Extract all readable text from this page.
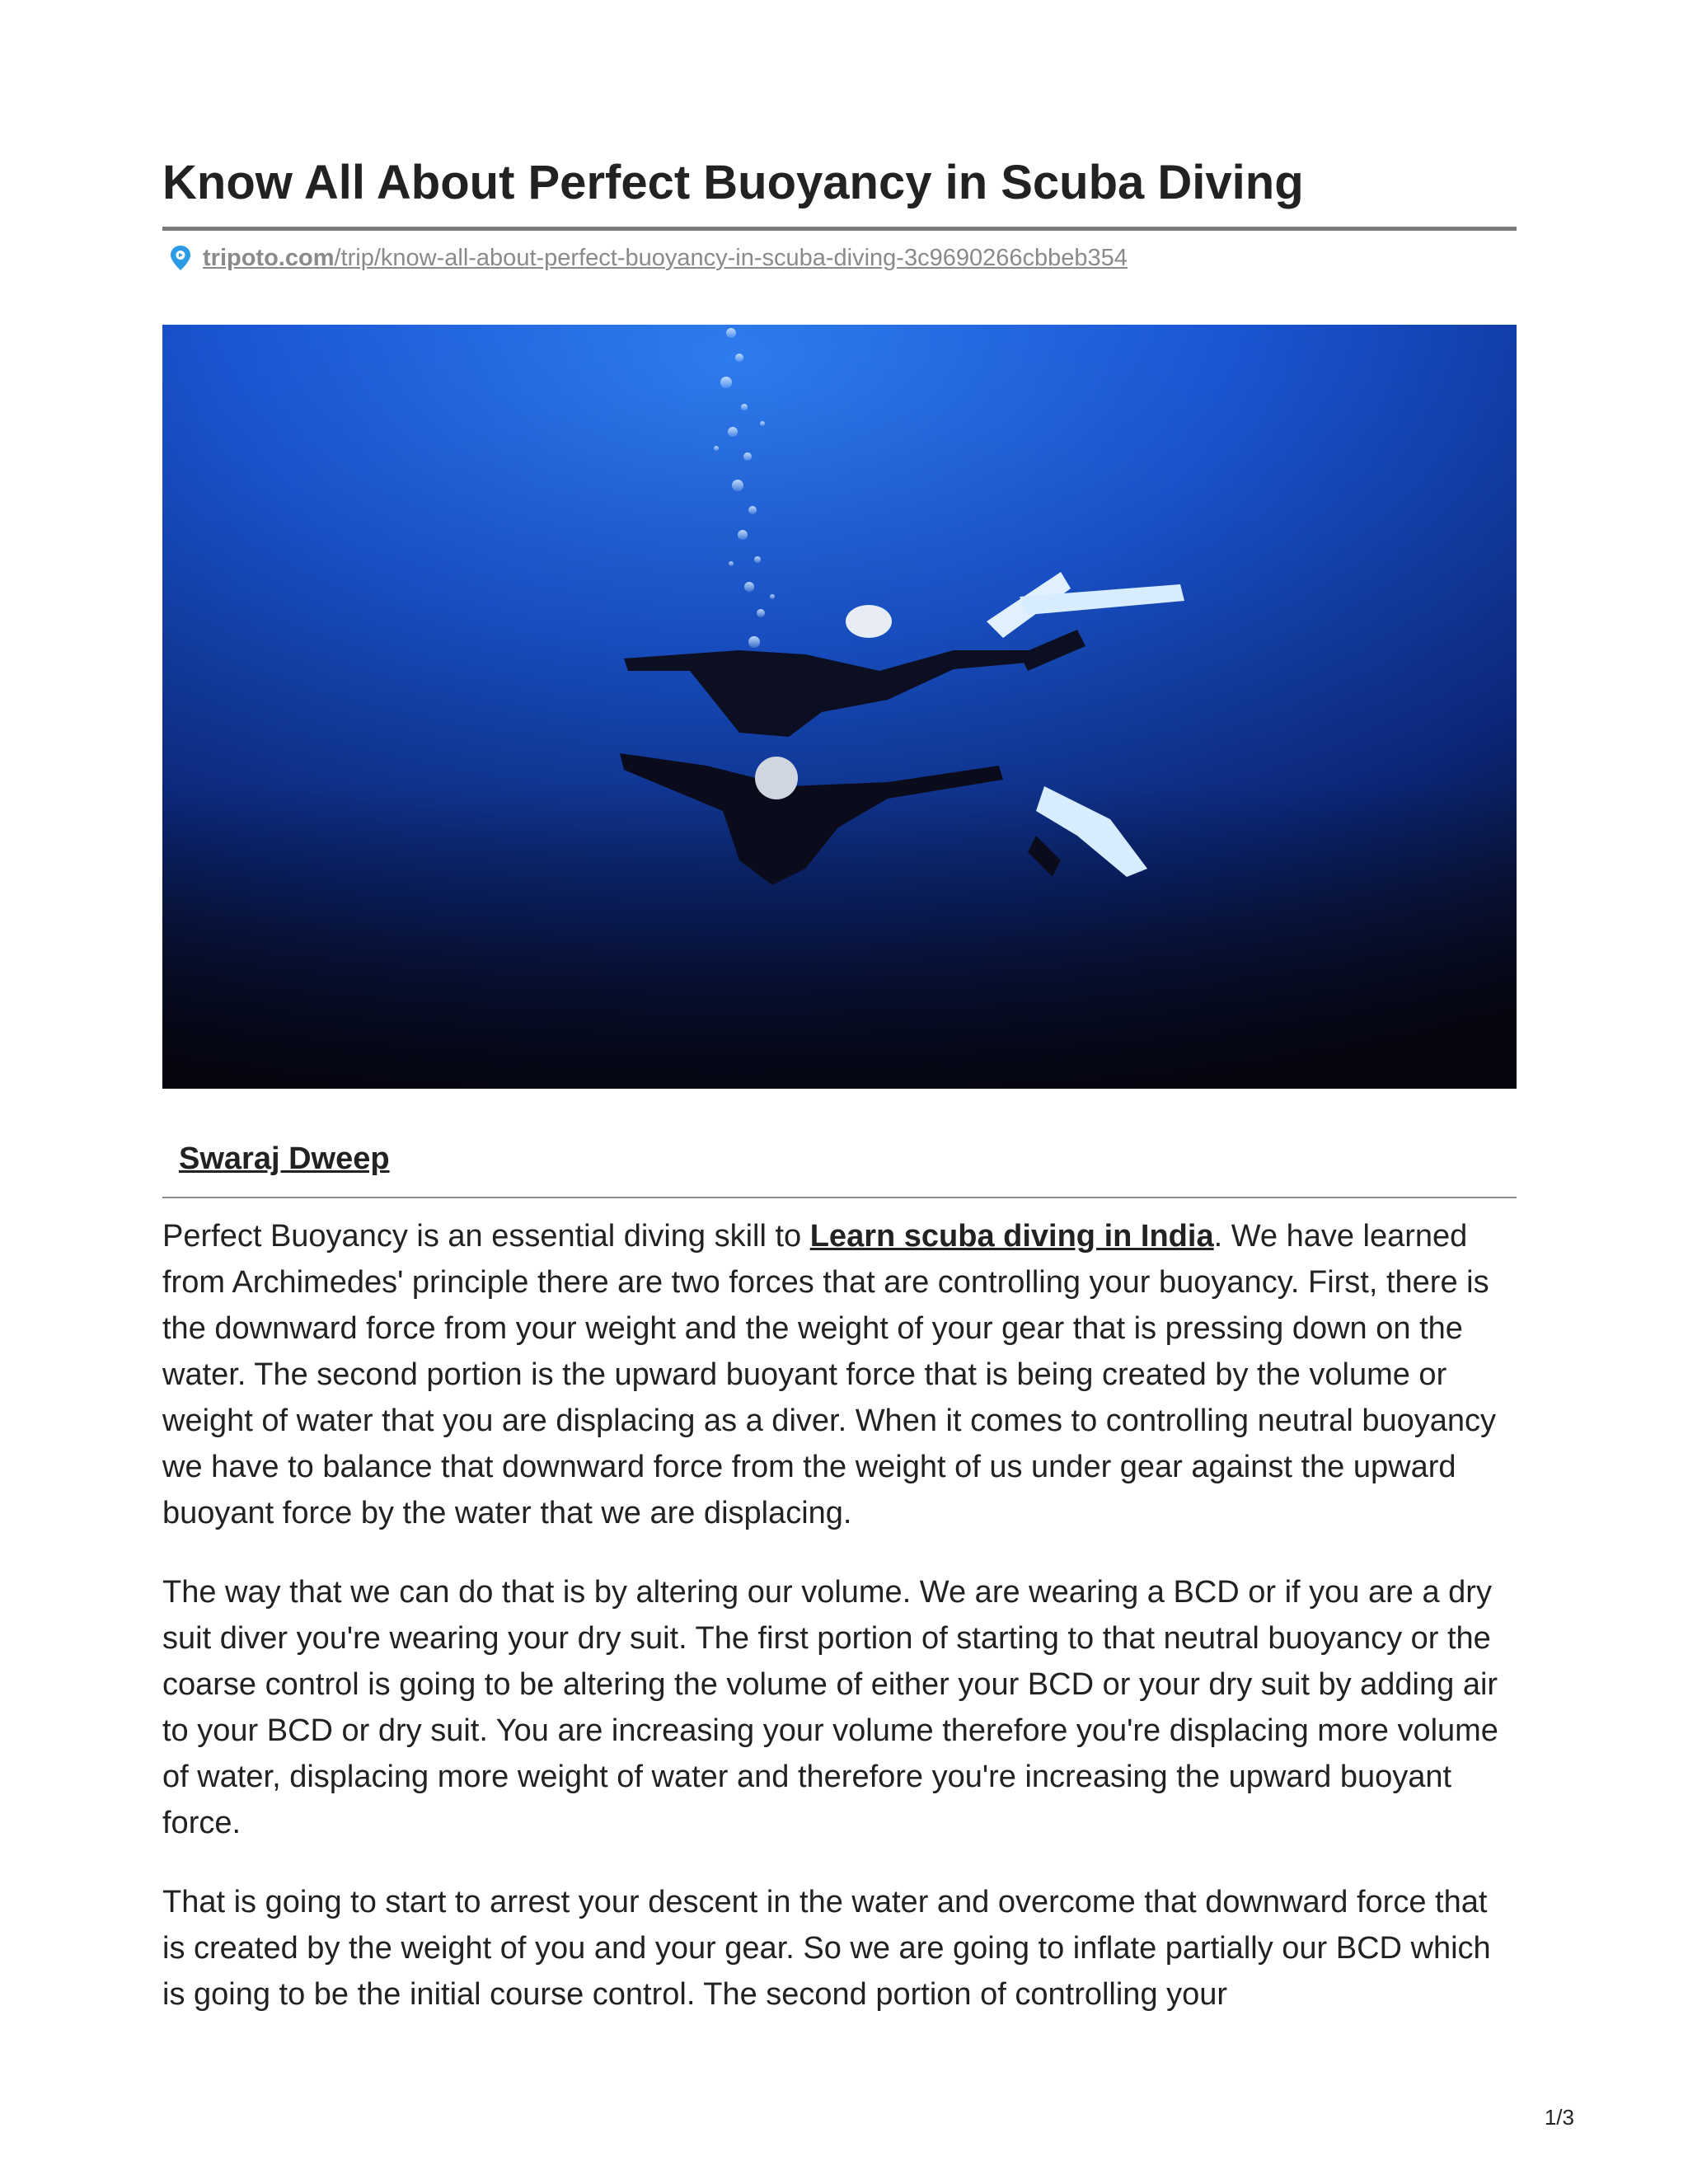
Know All About Perfect Buoyancy in Scuba Diving
tripoto.com/trip/know-all-about-perfect-buoyancy-in-scuba-diving-3c9690266cbbeb354
Swaraj Dweep

Perfect Buoyancy is an essential diving skill to Learn scuba diving in India. We have learned from Archimedes' principle there are two forces that are controlling your buoyancy. First, there is the downward force from your weight and the weight of your gear that is pressing down on the water. The second portion is the upward buoyant force that is being created by the volume or weight of water that you are displacing as a diver. When it comes to controlling neutral buoyancy we have to balance that downward force from the weight of us under gear against the upward buoyant force by the water that we are displacing.

The way that we can do that is by altering our volume. We are wearing a BCD or if you are a dry suit diver you're wearing your dry suit. The first portion of starting to that neutral buoyancy or the coarse control is going to be altering the volume of either your BCD or your dry suit by adding air to your BCD or dry suit. You are increasing your volume therefore you're displacing more volume of water, displacing more weight of water and therefore you're increasing the upward buoyant force.

That is going to start to arrest your descent in the water and overcome that downward force that is created by the weight of you and your gear. So we are going to inflate partially our BCD which is going to be the initial course control. The second portion of controlling your

1/3
